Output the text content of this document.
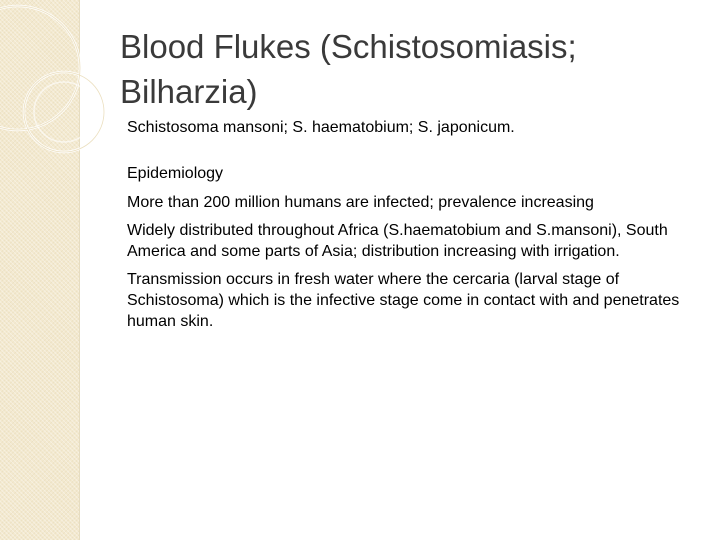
Blood Flukes (Schistosomiasis; Bilharzia)

Schistosoma mansoni; S. haematobium; S. japonicum.

Epidemiology

More than 200 million humans are infected; prevalence increasing

Widely distributed throughout Africa (S.haematobium and S.mansoni), South America and some parts of Asia; distribution increasing with irrigation.

Transmission occurs in fresh water where the cercaria (larval stage of Schistosoma) which is the infective stage come in contact with and penetrates human skin.
